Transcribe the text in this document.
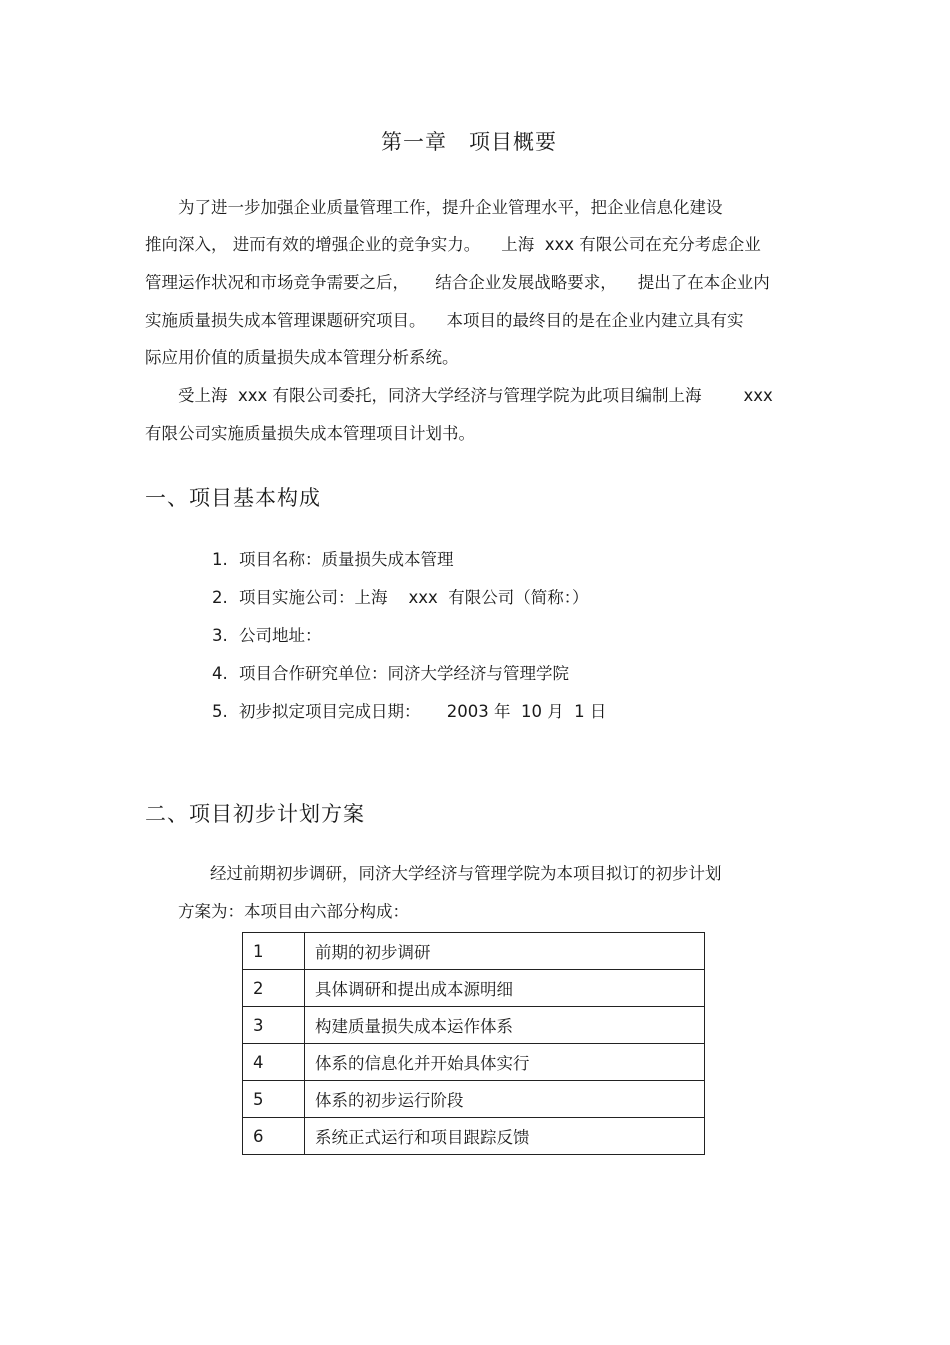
第一章 项目概要
为了进一步加强企业质量管理工作，提升企业管理水平，把企业信息化建设
推向深入， 进而有效的增强企业的竞争实力。    上海  xxx 有限公司在充分考虑企业
管理运作状况和市场竞争需要之后，     结合企业发展战略要求，    提出了在本企业内
实施质量损失成本管理课题研究项目。    本项目的最终目的是在企业内建立具有实
际应用价值的质量损失成本管理分析系统。
受上海  xxx 有限公司委托，同济大学经济与管理学院为此项目编制上海        xxx
有限公司实施质量损失成本管理项目计划书。
一、项目基本构成
1. 项目名称：质量损失成本管理
2. 项目实施公司：上海    xxx  有限公司（简称：）
3. 公司地址：
4. 项目合作研究单位：同济大学经济与管理学院
5. 初步拟定项目完成日期：     2003 年  10 月  1 日
二、项目初步计划方案
经过前期初步调研，同济大学经济与管理学院为本项目拟订的初步计划
方案为：本项目由六部分构成：
1	前期的初步调研
2	具体调研和提出成本源明细
3	构建质量损失成本运作体系
4	体系的信息化并开始具体实行
5	体系的初步运行阶段
6	系统正式运行和项目跟踪反馈
